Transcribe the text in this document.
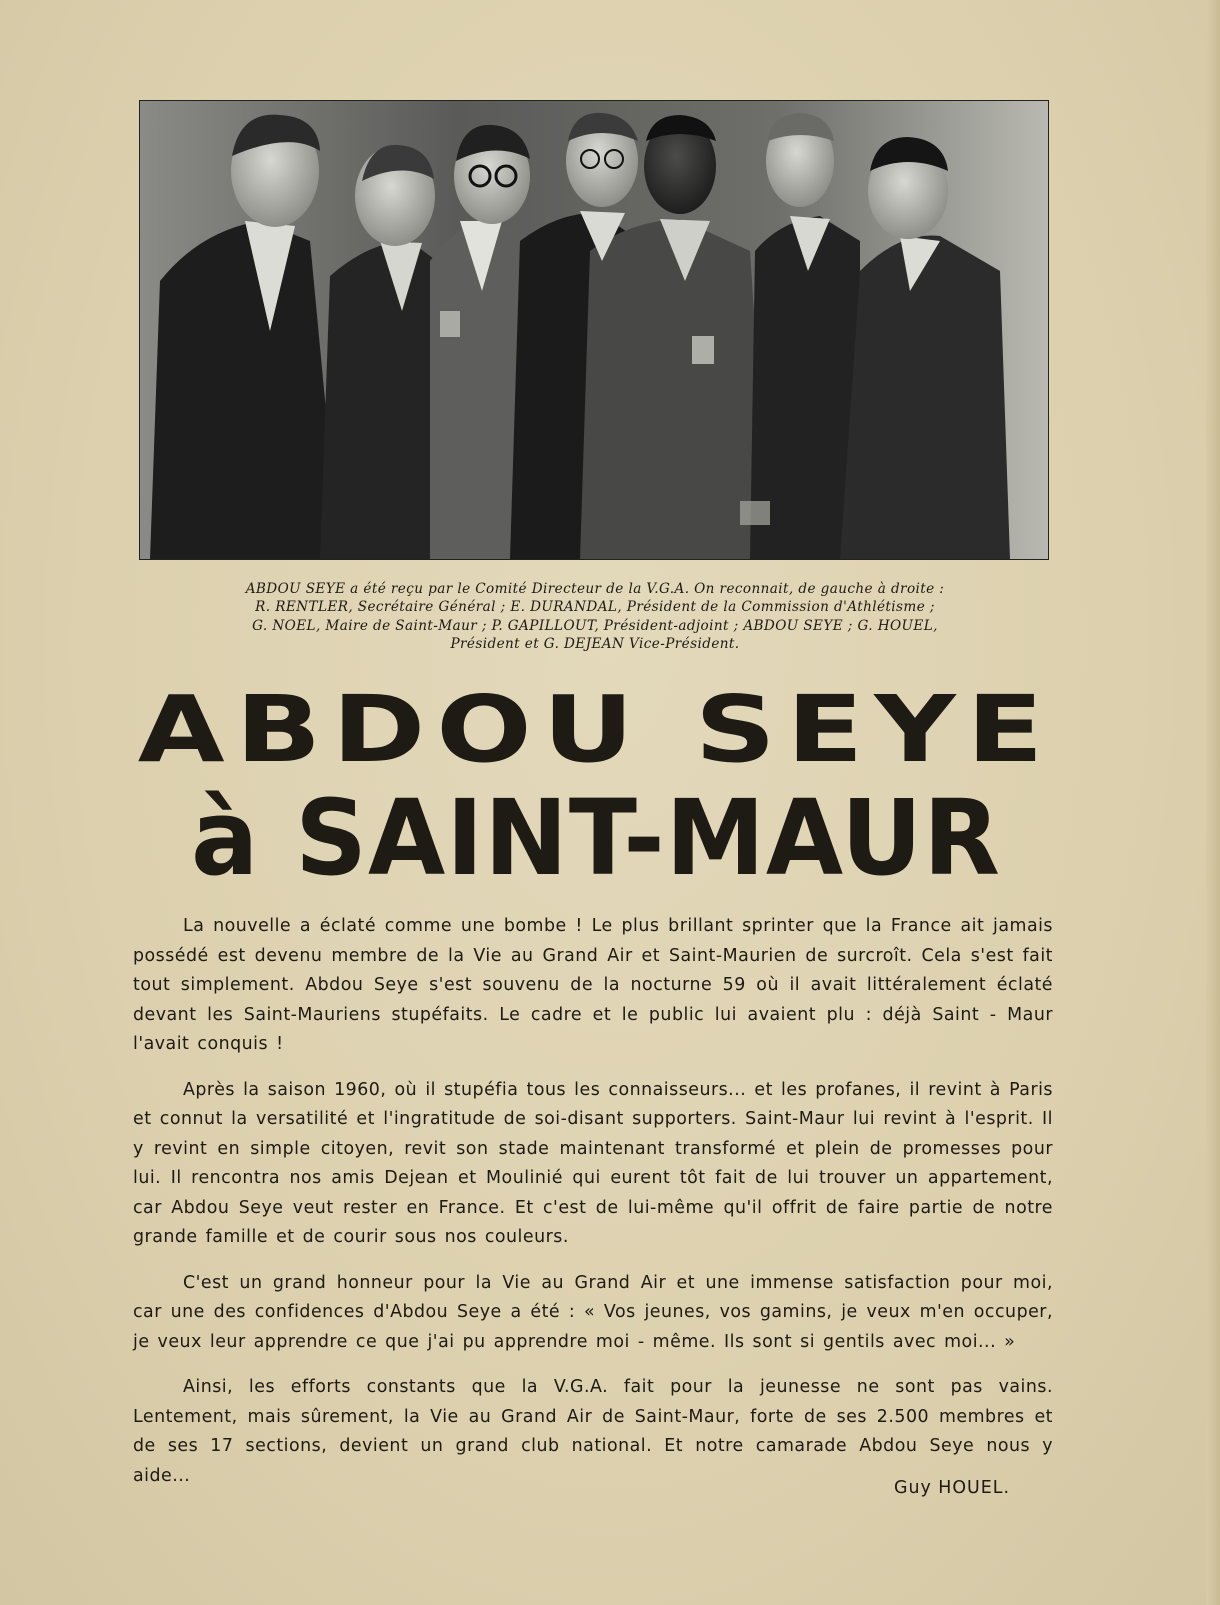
ABDOU SEYE a été reçu par le Comité Directeur de la V.G.A. On reconnait, de gauche à droite :
R. RENTLER, Secrétaire Général ; E. DURANDAL, Président de la Commission d'Athlétisme ;
G. NOEL, Maire de Saint-Maur ; P. GAPILLOUT, Président-adjoint ; ABDOU SEYE ; G. HOUEL,
Président et G. DEJEAN Vice-Président.
ABDOU SEYE
à SAINT-MAUR

La nouvelle a éclaté comme une bombe ! Le plus brillant sprinter que la France ait jamais possédé est devenu membre de la Vie au Grand Air et Saint-Maurien de surcroît. Cela s'est fait tout simplement. Abdou Seye s'est souvenu de la nocturne 59 où il avait littéralement éclaté devant les Saint-Mauriens stupéfaits. Le cadre et le public lui avaient plu : déjà Saint - Maur l'avait conquis !

Après la saison 1960, où il stupéfia tous les connaisseurs... et les profanes, il revint à Paris et connut la versatilité et l'ingratitude de soi-disant supporters. Saint-Maur lui revint à l'esprit. Il y revint en simple citoyen, revit son stade maintenant transformé et plein de promesses pour lui. Il rencontra nos amis Dejean et Moulinié qui eurent tôt fait de lui trouver un appartement, car Abdou Seye veut rester en France. Et c'est de lui-même qu'il offrit de faire partie de notre grande famille et de courir sous nos couleurs.

C'est un grand honneur pour la Vie au Grand Air et une immense satisfaction pour moi, car une des confidences d'Abdou Seye a été : « Vos jeunes, vos gamins, je veux m'en occuper, je veux leur apprendre ce que j'ai pu apprendre moi - même. Ils sont si gentils avec moi... »

Ainsi, les efforts constants que la V.G.A. fait pour la jeunesse ne sont pas vains. Lentement, mais sûrement, la Vie au Grand Air de Saint-Maur, forte de ses 2.500 membres et de ses 17 sections, devient un grand club national. Et notre camarade Abdou Seye nous y aide...

Guy HOUEL.
